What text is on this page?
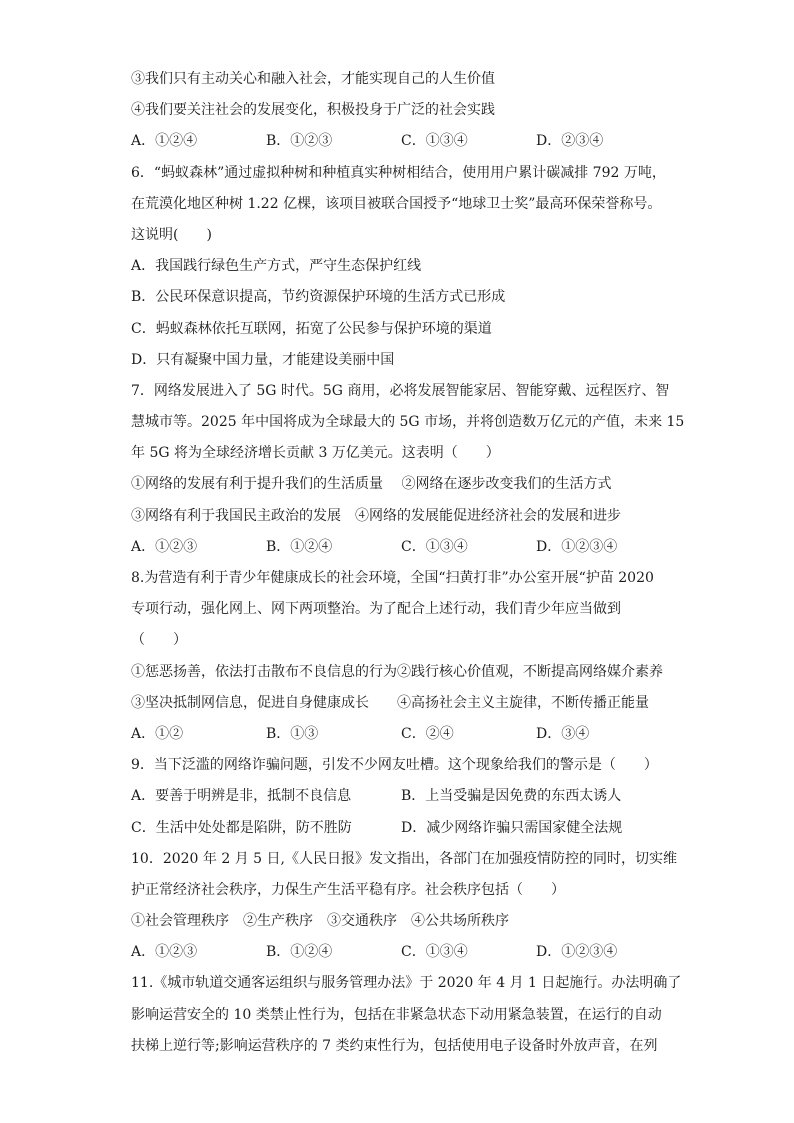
③我们只有主动关心和融入社会，才能实现自己的人生价值
④我们要关注社会的发展变化，积极投身于广泛的社会实践
A．①②④	B．①②③	C．①③④	D．②③④
6．“蚂蚁森林”通过虚拟种树和种植真实种树相结合，使用用户累计碳减排 792 万吨，
在荒漠化地区种树 1.22 亿棵，该项目被联合国授予“地球卫士奖”最高环保荣誉称号。
这说明(　　)
A．我国践行绿色生产方式，严守生态保护红线
B．公民环保意识提高，节约资源保护环境的生活方式已形成
C．蚂蚁森林依托互联网，拓宽了公民参与保护环境的渠道
D．只有凝聚中国力量，才能建设美丽中国
7．网络发展进入了 5G 时代。5G 商用，必将发展智能家居、智能穿戴、远程医疗、智
慧城市等。2025 年中国将成为全球最大的 5G 市场，并将创造数万亿元的产值，未来 15
年 5G 将为全球经济增长贡献 3 万亿美元。这表明（　　）
①网络的发展有利于提升我们的生活质量　 ②网络在逐步改变我们的生活方式
③网络有利于我国民主政治的发展　④网络的发展能促进经济社会的发展和进步
A．①②③	B．①②④	C．①③④	D．①②③④
8.为营造有利于青少年健康成长的社会环境，全国“扫黄打非”办公室开展“护苗 2020
专项行动，强化网上、网下两项整治。为了配合上述行动，我们青少年应当做到
（　　）
①惩恶扬善，依法打击散布不良信息的行为②践行核心价值观，不断提高网络媒介素养
③坚决抵制网信息，促进自身健康成长　　④高扬社会主义主旋律，不断传播正能量
A．①②	B．①③	C．②④	D．③④
9．当下泛滥的网络诈骗问题，引发不少网友吐槽。这个现象给我们的警示是（　　）
A．要善于明辨是非，抵制不良信息	B．上当受骗是因免费的东西太诱人
C．生活中处处都是陷阱，防不胜防	D．减少网络诈骗只需国家健全法规
10．2020 年 2 月 5 日,《人民日报》发文指出，各部门在加强疫情防控的同时，切实维
护正常经济社会秩序，力保生产生活平稳有序。社会秩序包括（　　）
①社会管理秩序　②生产秩序　③交通秩序　④公共场所秩序
A．①②③	B．①②④	C．①③④	D．①②③④
11.《城市轨道交通客运组织与服务管理办法》于 2020 年 4 月 1 日起施行。办法明确了
影响运营安全的 10 类禁止性行为，包括在非紧急状态下动用紧急装置，在运行的自动
扶梯上逆行等;影响运营秩序的 7 类约束性行为，包括使用电子设备时外放声音，在列
